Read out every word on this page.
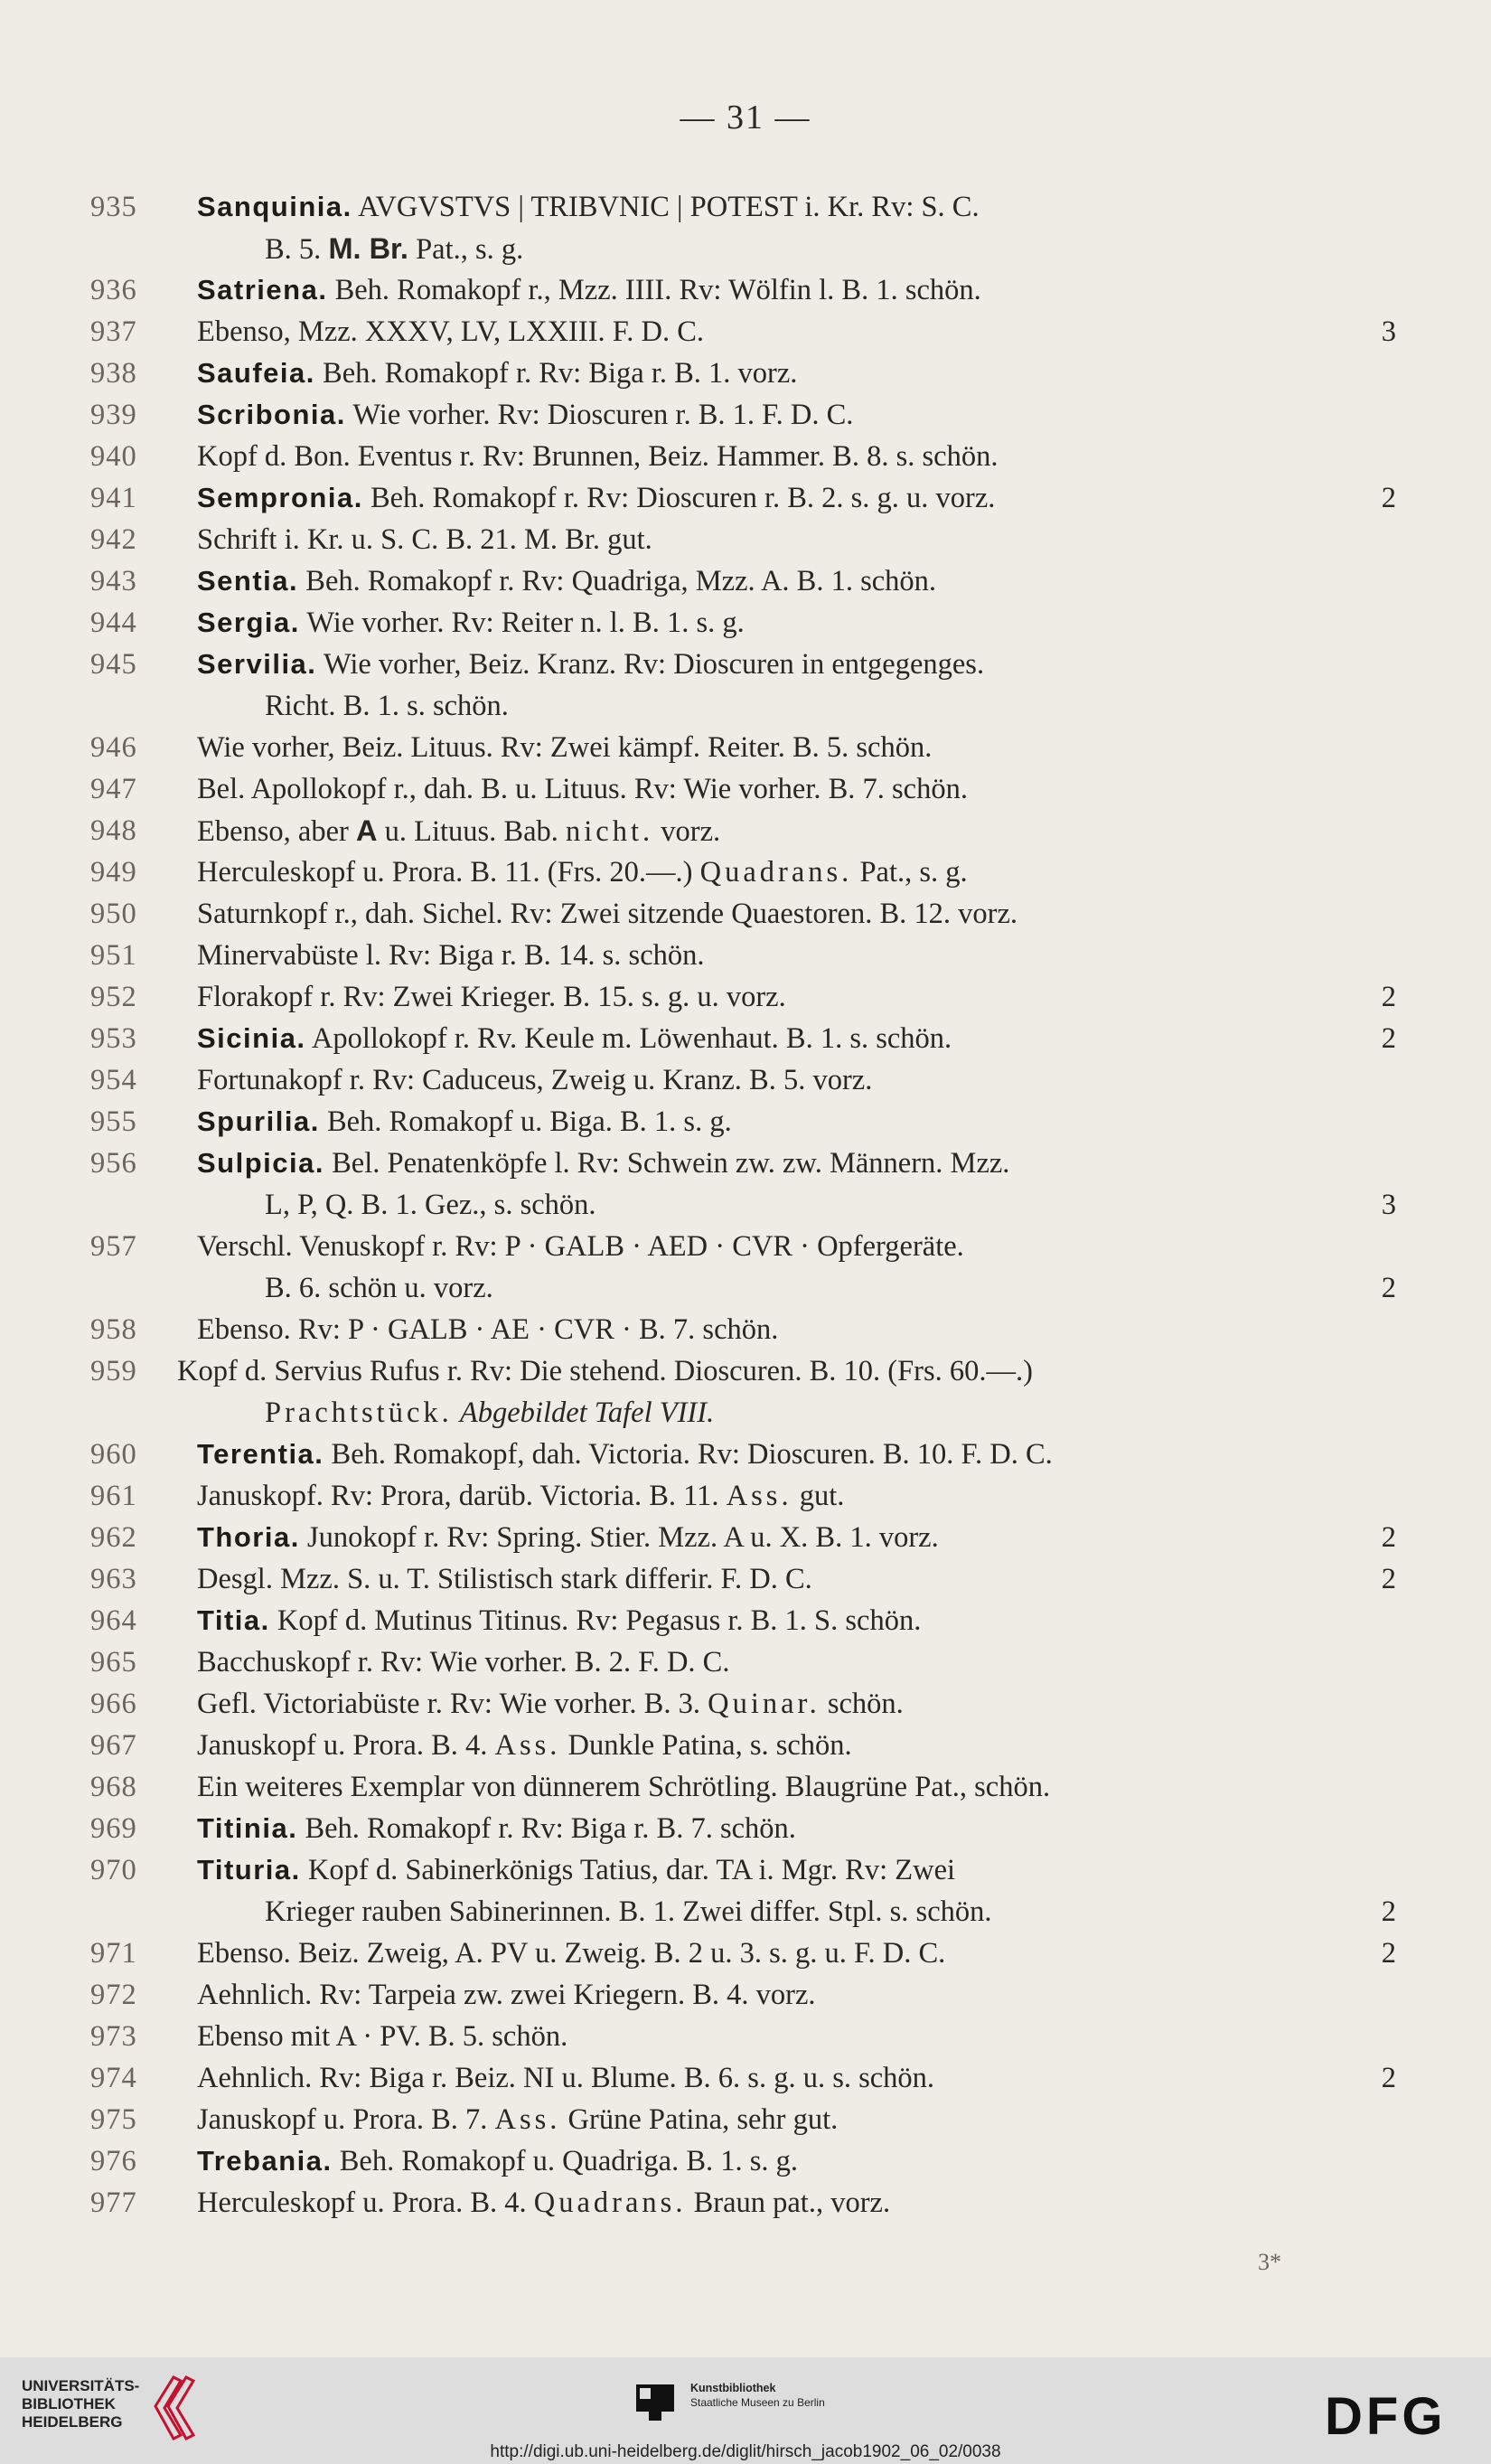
— 31 —
935 Sanquinia. AVGVSTVS | TRIBVNIC | POTEST i. Kr. Rv: S. C.
B. 5. M. Br. Pat., s. g.
936 Satriena. Beh. Romakopf r., Mzz. IIII. Rv: Wölfin l. B. 1. schön.
937 Ebenso, Mzz. XXXV, LV, LXXIII. F. D. C.	3
938 Saufeia. Beh. Romakopf r. Rv: Biga r. B. 1. vorz.
939 Scribonia. Wie vorher. Rv: Dioscuren r. B. 1. F. D. C.
940 Kopf d. Bon. Eventus r. Rv: Brunnen, Beiz. Hammer. B. 8. s. schön.
941 Sempronia. Beh. Romakopf r. Rv: Dioscuren r. B. 2. s. g. u. vorz.	2
942 Schrift i. Kr. u. S. C. B. 21. M. Br. gut.
943 Sentia. Beh. Romakopf r. Rv: Quadriga, Mzz. A. B. 1. schön.
944 Sergia. Wie vorher. Rv: Reiter n. l. B. 1. s. g.
945 Servilia. Wie vorher, Beiz. Kranz. Rv: Dioscuren in entgegenges.
Richt. B. 1. s. schön.
946 Wie vorher, Beiz. Lituus. Rv: Zwei kämpf. Reiter. B. 5. schön.
947 Bel. Apollokopf r., dah. B. u. Lituus. Rv: Wie vorher. B. 7. schön.
948 Ebenso, aber A u. Lituus. Bab. nicht. vorz.
949 Herculeskopf u. Prora. B. 11. (Frs. 20.—.) Quadrans. Pat., s. g.
950 Saturnkopf r., dah. Sichel. Rv: Zwei sitzende Quaestoren. B. 12. vorz.
951 Minervabüste l. Rv: Biga r. B. 14. s. schön.
952 Florakopf r. Rv: Zwei Krieger. B. 15. s. g. u. vorz.	2
953 Sicinia. Apollokopf r. Rv. Keule m. Löwenhaut. B. 1. s. schön.	2
954 Fortunakopf r. Rv: Caduceus, Zweig u. Kranz. B. 5. vorz.
955 Spurilia. Beh. Romakopf u. Biga. B. 1. s. g.
956 Sulpicia. Bel. Penatenköpfe l. Rv: Schwein zw. zw. Männern. Mzz.
L, P, Q. B. 1. Gez., s. schön.	3
957 Verschl. Venuskopf r. Rv: P · GALB · AED · CVR · Opfergeräte.
B. 6. schön u. vorz.	2
958 Ebenso. Rv: P · GALB · AE · CVR · B. 7. schön.
959 Kopf d. Servius Rufus r. Rv: Die stehend. Dioscuren. B. 10. (Frs. 60.—.)
Prachtstück. Abgebildet Tafel VIII.
960 Terentia. Beh. Romakopf, dah. Victoria. Rv: Dioscuren. B. 10. F. D. C.
961 Januskopf. Rv: Prora, darüb. Victoria. B. 11. Ass. gut.
962 Thoria. Junokopf r. Rv: Spring. Stier. Mzz. A u. X. B. 1. vorz.	2
963 Desgl. Mzz. S. u. T. Stilistisch stark differir. F. D. C.	2
964 Titia. Kopf d. Mutinus Titinus. Rv: Pegasus r. B. 1. S. schön.
965 Bacchuskopf r. Rv: Wie vorher. B. 2. F. D. C.
966 Gefl. Victoriabüste r. Rv: Wie vorher. B. 3. Quinar. schön.
967 Januskopf u. Prora. B. 4. Ass. Dunkle Patina, s. schön.
968 Ein weiteres Exemplar von dünnerem Schrötling. Blaugrüne Pat., schön.
969 Titinia. Beh. Romakopf r. Rv: Biga r. B. 7. schön.
970 Tituria. Kopf d. Sabinerkönigs Tatius, dar. TA i. Mgr. Rv: Zwei
Krieger rauben Sabinerinnen. B. 1. Zwei differ. Stpl. s. schön.	2
971 Ebenso. Beiz. Zweig, A. PV u. Zweig. B. 2 u. 3. s. g. u. F. D. C.	2
972 Aehnlich. Rv: Tarpeia zw. zwei Kriegern. B. 4. vorz.
973 Ebenso mit A · PV. B. 5. schön.
974 Aehnlich. Rv: Biga r. Beiz. NI u. Blume. B. 6. s. g. u. s. schön.	2
975 Januskopf u. Prora. B. 7. Ass. Grüne Patina, sehr gut.
976 Trebania. Beh. Romakopf u. Quadriga. B. 1. s. g.
977 Herculeskopf u. Prora. B. 4. Quadrans. Braun pat., vorz.
3*
UNIVERSITÄTS-
BIBLIOTHEK
HEIDELBERG
Kunstbibliothek
Staatliche Museen zu Berlin	DFG
http://digi.ub.uni-heidelberg.de/diglit/hirsch_jacob1902_06_02/0038
